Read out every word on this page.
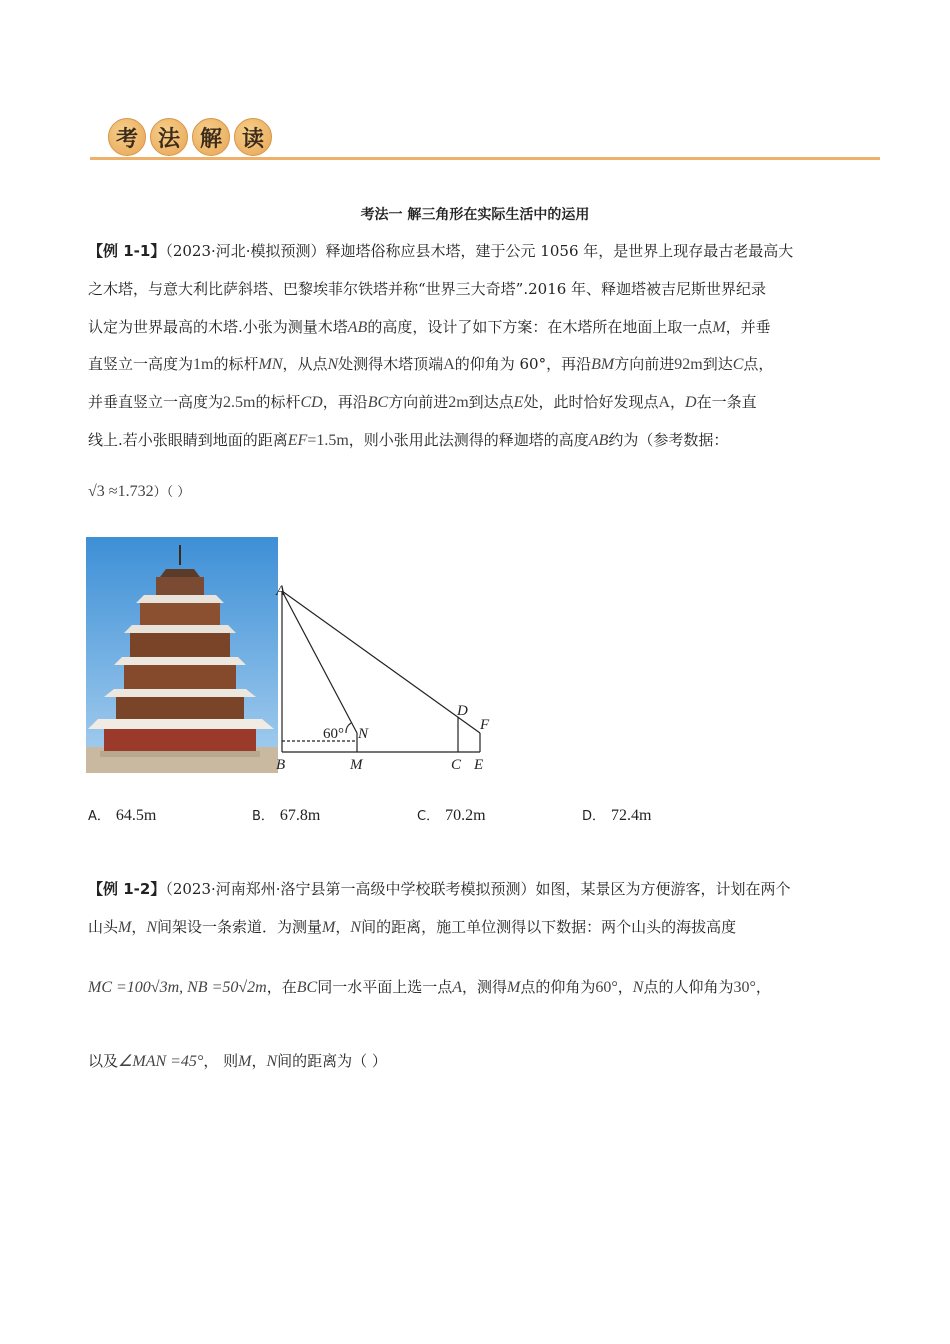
考 法 解 读
考法一 解三角形在实际生活中的运用
【例 1-1】（2023·河北·模拟预测）释迦塔俗称应县木塔，建于公元 1056 年，是世界上现存最古老最高大
之木塔，与意大利比萨斜塔、巴黎埃菲尔铁塔并称“世界三大奇塔”.2016 年、释迦塔被吉尼斯世界纪录
认定为世界最高的木塔.小张为测量木塔AB的高度，设计了如下方案：在木塔所在地面上取一点M，并垂
直竖立一高度为1m的标杆MN，从点N处测得木塔顶端A的仰角为 60°，再沿BM方向前进92m到达C点，
并垂直竖立一高度为2.5m的标杆CD，再沿BC方向前进2m到达点E处，此时恰好发现点A，D在一条直
线上.若小张眼睛到地面的距离EF=1.5m，则小张用此法测得的释迦塔的高度AB约为（参考数据：
√3 ≈1.732）（ ）
A
B	M
N
C
D
E
F
60°
A． 64.5m	B． 67.8m	C． 70.2m	D． 72.4m
【例 1-2】（2023·河南郑州·洛宁县第一高级中学校联考模拟预测）如图，某景区为方便游客，计划在两个
山头M，N间架设一条索道．为测量M，N间的距离，施工单位测得以下数据：两个山头的海拔高度
MC =100√3m, NB =50√2m，在BC同一水平面上选一点A，测得M点的仰角为60°，N点的人仰角为30°，
以及∠MAN =45°， 则M，N间的距离为（ ）
